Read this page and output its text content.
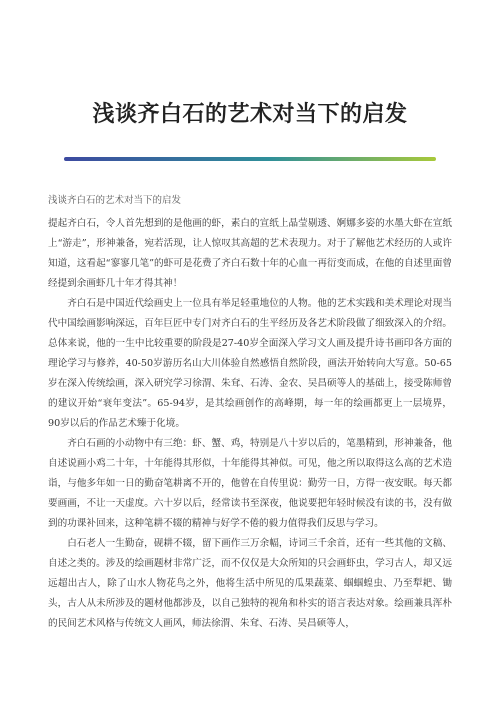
浅谈齐白石的艺术对当下的启发
浅谈齐白石的艺术对当下的启发

提起齐白石，令人首先想到的是他画的虾，素白的宣纸上晶莹剔透、婀娜多姿的水墨大虾在宣纸上“游走”，形神兼备，宛若活现，让人惊叹其高超的艺术表现力。对于了解他艺术经历的人或许知道，这看起“寥寥几笔”的虾可是花费了齐白石数十年的心血一再衍变而成，在他的自述里面曾经提到余画虾几十年才得其神！

齐白石是中国近代绘画史上一位具有举足轻重地位的人物。他的艺术实践和美术理论对现当代中国绘画影响深远，百年巨匠中专门对齐白石的生平经历及各艺术阶段做了细致深入的介绍。总体来说，他的一生中比较重要的阶段是27-40岁全面深入学习文人画及提升诗书画印各方面的理论学习与修养，40-50岁游历名山大川体验自然感悟自然阶段，画法开始转向大写意。50-65岁在深入传统绘画，深入研究学习徐渭、朱耷、石涛、金农、吴昌硕等人的基础上，接受陈师曾的建议开始“衰年变法”。65-94岁，是其绘画创作的高峰期，每一年的绘画都更上一层境界，90岁以后的作品艺术臻于化境。

齐白石画的小动物中有三绝：虾、蟹、鸡，特别是八十岁以后的，笔墨精到，形神兼备，他自述说画小鸡二十年，十年能得其形似，十年能得其神似。可见，他之所以取得这么高的艺术造诣，与他多年如一日的勤奋笔耕离不开的，他曾在自传里说：勤劳一日，方得一夜安眠。每天都要画画，不让一天虚度。六十岁以后，经常读书至深夜，他说要把年轻时候没有读的书，没有做到的功课补回来，这种笔耕不辍的精神与好学不倦的毅力值得我们反思与学习。

白石老人一生勤奋，砚耕不辍，留下画作三万余幅，诗词三千余首，还有一些其他的文稿、自述之类的。涉及的绘画题材非常广泛，而不仅仅是大众所知的只会画虾虫，学习古人，却又远远超出古人，除了山水人物花鸟之外，他将生活中所见的瓜果蔬菜、蝈蝈蝗虫、乃至犁耙、锄头，古人从未所涉及的题材他都涉及，以自己独特的视角和朴实的语言表达对象。绘画兼具浑朴的民间艺术风格与传统文人画风，师法徐渭、朱耷、石涛、吴昌硕等人，
